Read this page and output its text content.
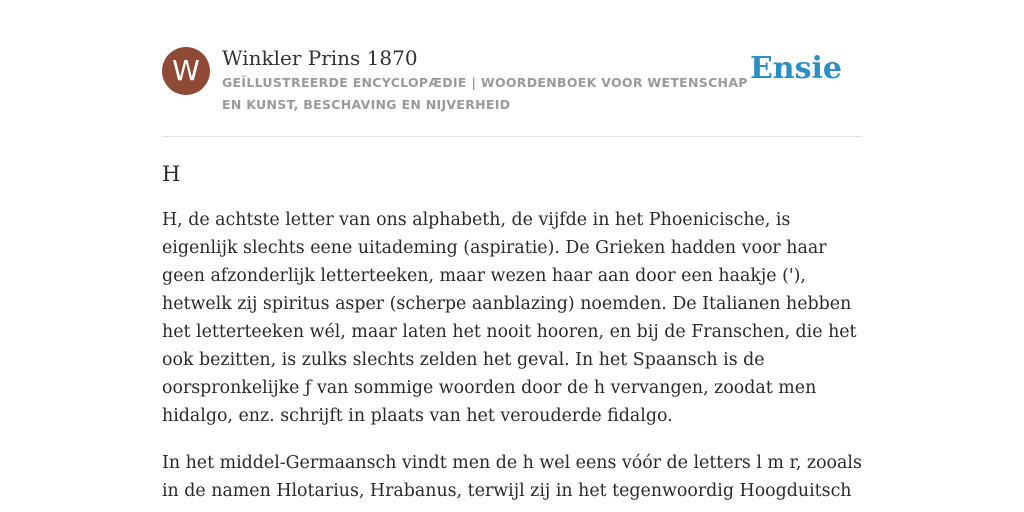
W	Winkler Prins 1870
GEÏLLUSTREERDE ENCYCLOPÆDIE | WOORDENBOEK VOOR WETENSCHAP EN KUNST, BESCHAVING EN NIJVERHEID
Ensie
H

H, de achtste letter van ons alphabeth, de vijfde in het Phoenicische, is eigenlijk slechts eene uitademing (aspiratie). De Grieken hadden voor haar geen afzonderlijk letterteeken, maar wezen haar aan door een haakje ('), hetwelk zij spiritus asper (scherpe aanblazing) noemden. De Italianen hebben het letterteeken wél, maar laten het nooit hooren, en bij de Franschen, die het ook bezitten, is zulks slechts zelden het geval. In het Spaansch is de oorspronkelijke ƒ van sommige woorden door de h vervangen, zoodat men hidalgo, enz. schrijft in plaats van het verouderde fidalgo.

In het middel-Germaansch vindt men de h wel eens vóór de letters l m r, zooals in de namen Hlotarius, Hrabanus, terwijl zij in het tegenwoordig Hoogduitsch
